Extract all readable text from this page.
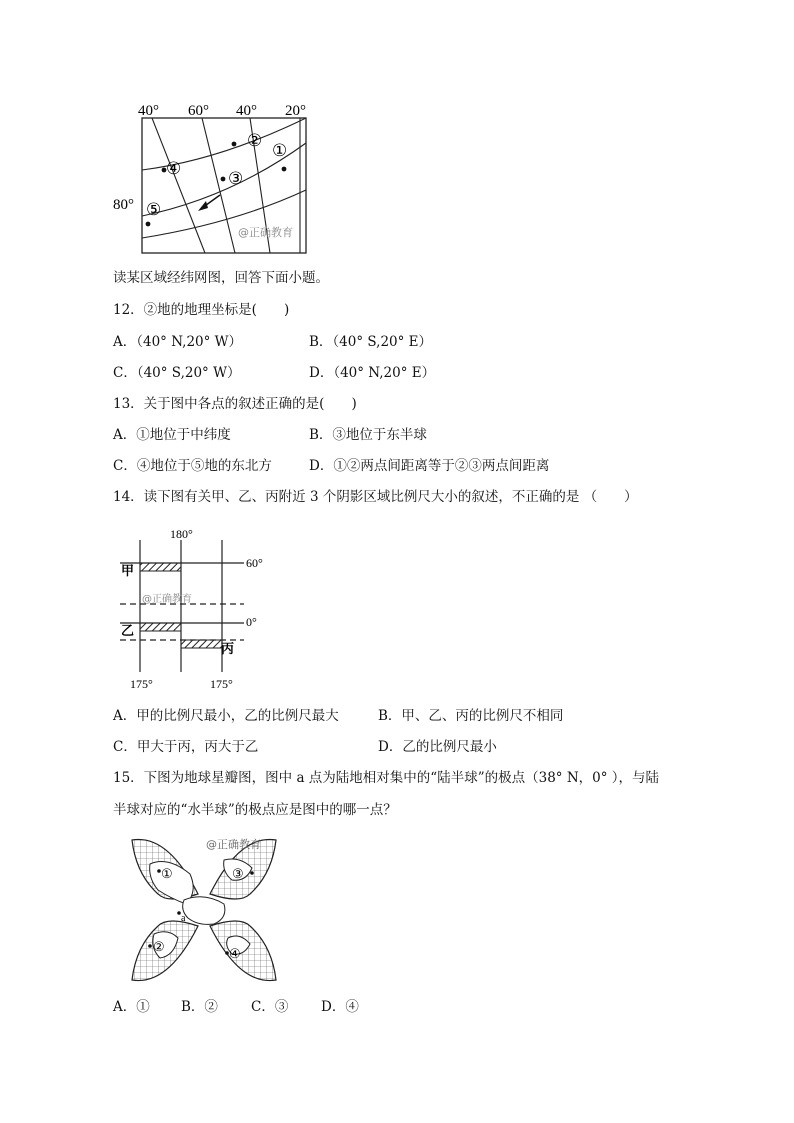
40° 60° 40° 20°
80°
②
①
④
③
⑤
@正确教育
读某区域经纬网图，回答下面小题。
12．②地的地理坐标是(　　)
A．（40° N,20° W）	B．（40° S,20° E）
C．（40° S,20° W）	D．（40° N,20° E）
13．关于图中各点的叙述正确的是(　　)
A．①地位于中纬度	B．③地位于东半球
C．④地位于⑤地的东北方	D．①②两点间距离等于②③两点间距离
14．读下图有关甲、乙、丙附近 3 个阴影区域比例尺大小的叙述，不正确的是 （　　）
180°
60°
0°
甲
乙
丙
@正确教育
175°	175°
A．甲的比例尺最小，乙的比例尺最大	B．甲、乙、丙的比例尺不相同
C．甲大于丙，丙大于乙	D．乙的比例尺最小
15．下图为地球星瓣图，图中 a 点为陆地相对集中的“陆半球”的极点（38° N，0° ），与陆
半球对应的“水半球”的极点应是图中的哪一点？
@正确教育
①	③
a
②	④
A．① B．② C．③ D．④
